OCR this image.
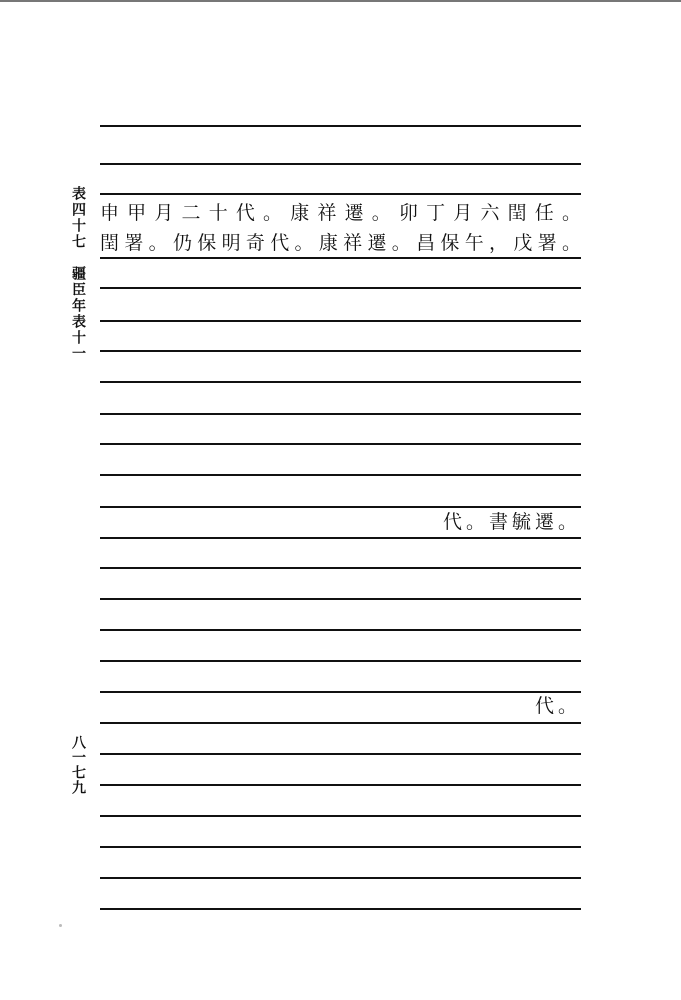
表四十七　疆臣年表十一
八一七九
申甲月二十代。康祥遷。卯丁月六閏任。
閏署。仍保明奇代。康祥遷。昌保午，戊署。
代。書毓遷。
代。
